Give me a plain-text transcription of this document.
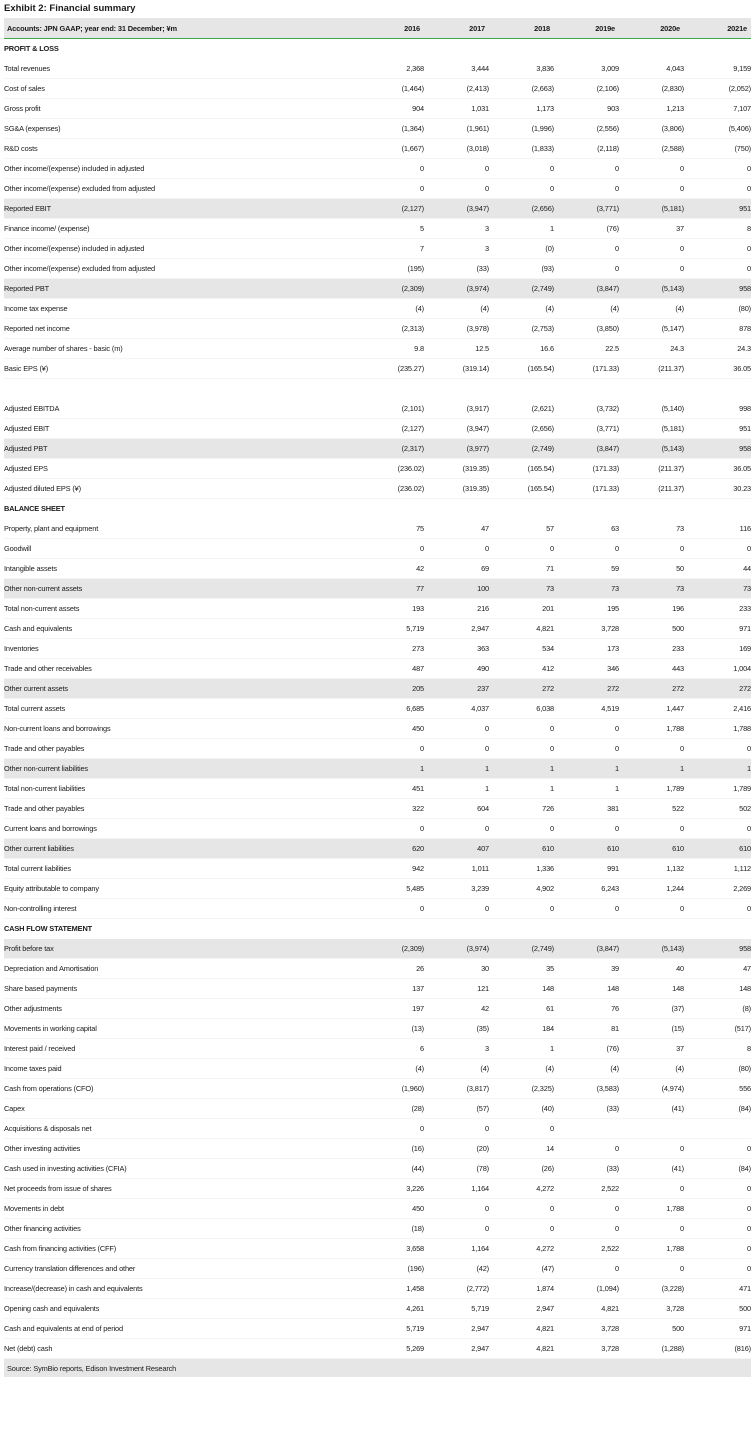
Exhibit 2: Financial summary
Accounts: JPN GAAP; year end: 31 December; ¥m	2016	2017	2018	2019e	2020e	2021e
PROFIT & LOSS						
Total revenues	2,368	3,444	3,836	3,009	4,043	9,159
Cost of sales	(1,464)	(2,413)	(2,663)	(2,106)	(2,830)	(2,052)
Gross profit	904	1,031	1,173	903	1,213	7,107
SG&A (expenses)	(1,364)	(1,961)	(1,996)	(2,556)	(3,806)	(5,406)
R&D costs	(1,667)	(3,018)	(1,833)	(2,118)	(2,588)	(750)
Other income/(expense) included in adjusted	0	0	0	0	0	0
Other income/(expense) excluded from adjusted	0	0	0	0	0	0
Reported EBIT	(2,127)	(3,947)	(2,656)	(3,771)	(5,181)	951
Finance income/ (expense)	5	3	1	(76)	37	8
Other income/(expense) included in adjusted	7	3	(0)	0	0	0
Other income/(expense) excluded from adjusted	(195)	(33)	(93)	0	0	0
Reported PBT	(2,309)	(3,974)	(2,749)	(3,847)	(5,143)	958
Income tax expense	(4)	(4)	(4)	(4)	(4)	(80)
Reported net income	(2,313)	(3,978)	(2,753)	(3,850)	(5,147)	878
Average number of shares - basic (m)	9.8	12.5	16.6	22.5	24.3	24.3
Basic EPS (¥)	(235.27)	(319.14)	(165.54)	(171.33)	(211.37)	36.05

Adjusted EBITDA	(2,101)	(3,917)	(2,621)	(3,732)	(5,140)	998
Adjusted EBIT	(2,127)	(3,947)	(2,656)	(3,771)	(5,181)	951
Adjusted PBT	(2,317)	(3,977)	(2,749)	(3,847)	(5,143)	958
Adjusted EPS	(236.02)	(319.35)	(165.54)	(171.33)	(211.37)	36.05
Adjusted diluted EPS (¥)	(236.02)	(319.35)	(165.54)	(171.33)	(211.37)	30.23
BALANCE SHEET						
Property, plant and equipment	75	47	57	63	73	116
Goodwill	0	0	0	0	0	0
Intangible assets	42	69	71	59	50	44
Other non-current assets	77	100	73	73	73	73
Total non-current assets	193	216	201	195	196	233
Cash and equivalents	5,719	2,947	4,821	3,728	500	971
Inventories	273	363	534	173	233	169
Trade and other receivables	487	490	412	346	443	1,004
Other current assets	205	237	272	272	272	272
Total current assets	6,685	4,037	6,038	4,519	1,447	2,416
Non-current loans and borrowings	450	0	0	0	1,788	1,788
Trade and other payables	0	0	0	0	0	0
Other non-current liabilities	1	1	1	1	1	1
Total non-current liabilities	451	1	1	1	1,789	1,789
Trade and other payables	322	604	726	381	522	502
Current loans and borrowings	0	0	0	0	0	0
Other current liabilities	620	407	610	610	610	610
Total current liabilities	942	1,011	1,336	991	1,132	1,112
Equity attributable to company	5,485	3,239	4,902	6,243	1,244	2,269
Non-controlling interest	0	0	0	0	0	0
CASH FLOW STATEMENT						
Profit before tax	(2,309)	(3,974)	(2,749)	(3,847)	(5,143)	958
Depreciation and Amortisation	26	30	35	39	40	47
Share based payments	137	121	148	148	148	148
Other adjustments	197	42	61	76	(37)	(8)
Movements in working capital	(13)	(35)	184	81	(15)	(517)
Interest paid / received	6	3	1	(76)	37	8
Income taxes paid	(4)	(4)	(4)	(4)	(4)	(80)
Cash from operations (CFO)	(1,960)	(3,817)	(2,325)	(3,583)	(4,974)	556
Capex	(28)	(57)	(40)	(33)	(41)	(84)
Acquisitions & disposals net	0	0	0			
Other investing activities	(16)	(20)	14	0	0	0
Cash used in investing activities (CFIA)	(44)	(78)	(26)	(33)	(41)	(84)
Net proceeds from issue of shares	3,226	1,164	4,272	2,522	0	0
Movements in debt	450	0	0	0	1,788	0
Other financing activities	(18)	0	0	0	0	0
Cash from financing activities (CFF)	3,658	1,164	4,272	2,522	1,788	0
Currency translation differences and other	(196)	(42)	(47)	0	0	0
Increase/(decrease) in cash and equivalents	1,458	(2,772)	1,874	(1,094)	(3,228)	471
Opening cash and equivalents	4,261	5,719	2,947	4,821	3,728	500
Cash and equivalents at end of period	5,719	2,947	4,821	3,728	500	971
Net (debt) cash	5,269	2,947	4,821	3,728	(1,288)	(816)
Source: SymBio reports, Edison Investment Research						
